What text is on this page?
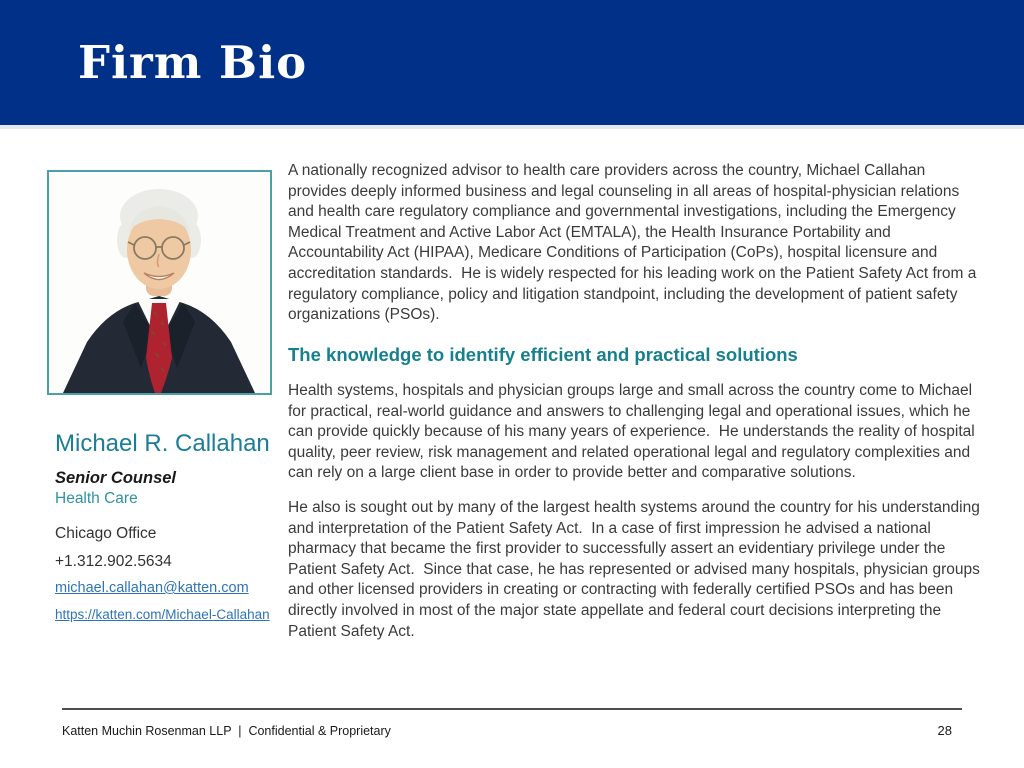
Firm Bio
Michael R. Callahan
Senior Counsel
Health Care
Chicago Office
+1.312.902.5634
michael.callahan@katten.com
https://katten.com/Michael-Callahan
A nationally recognized advisor to health care providers across the country, Michael Callahan provides deeply informed business and legal counseling in all areas of hospital-physician relations and health care regulatory compliance and governmental investigations, including the Emergency Medical Treatment and Active Labor Act (EMTALA), the Health Insurance Portability and Accountability Act (HIPAA), Medicare Conditions of Participation (CoPs), hospital licensure and accreditation standards.  He is widely respected for his leading work on the Patient Safety Act from a regulatory compliance, policy and litigation standpoint, including the development of patient safety organizations (PSOs).
The knowledge to identify efficient and practical solutions
Health systems, hospitals and physician groups large and small across the country come to Michael for practical, real-world guidance and answers to challenging legal and operational issues, which he can provide quickly because of his many years of experience.  He understands the reality of hospital quality, peer review, risk management and related operational legal and regulatory complexities and can rely on a large client base in order to provide better and comparative solutions.
He also is sought out by many of the largest health systems around the country for his understanding and interpretation of the Patient Safety Act.  In a case of first impression he advised a national pharmacy that became the first provider to successfully assert an evidentiary privilege under the Patient Safety Act.  Since that case, he has represented or advised many hospitals, physician groups and other licensed providers in creating or contracting with federally certified PSOs and has been directly involved in most of the major state appellate and federal court decisions interpreting the Patient Safety Act.
Katten Muchin Rosenman LLP  |  Confidential & Proprietary	28
